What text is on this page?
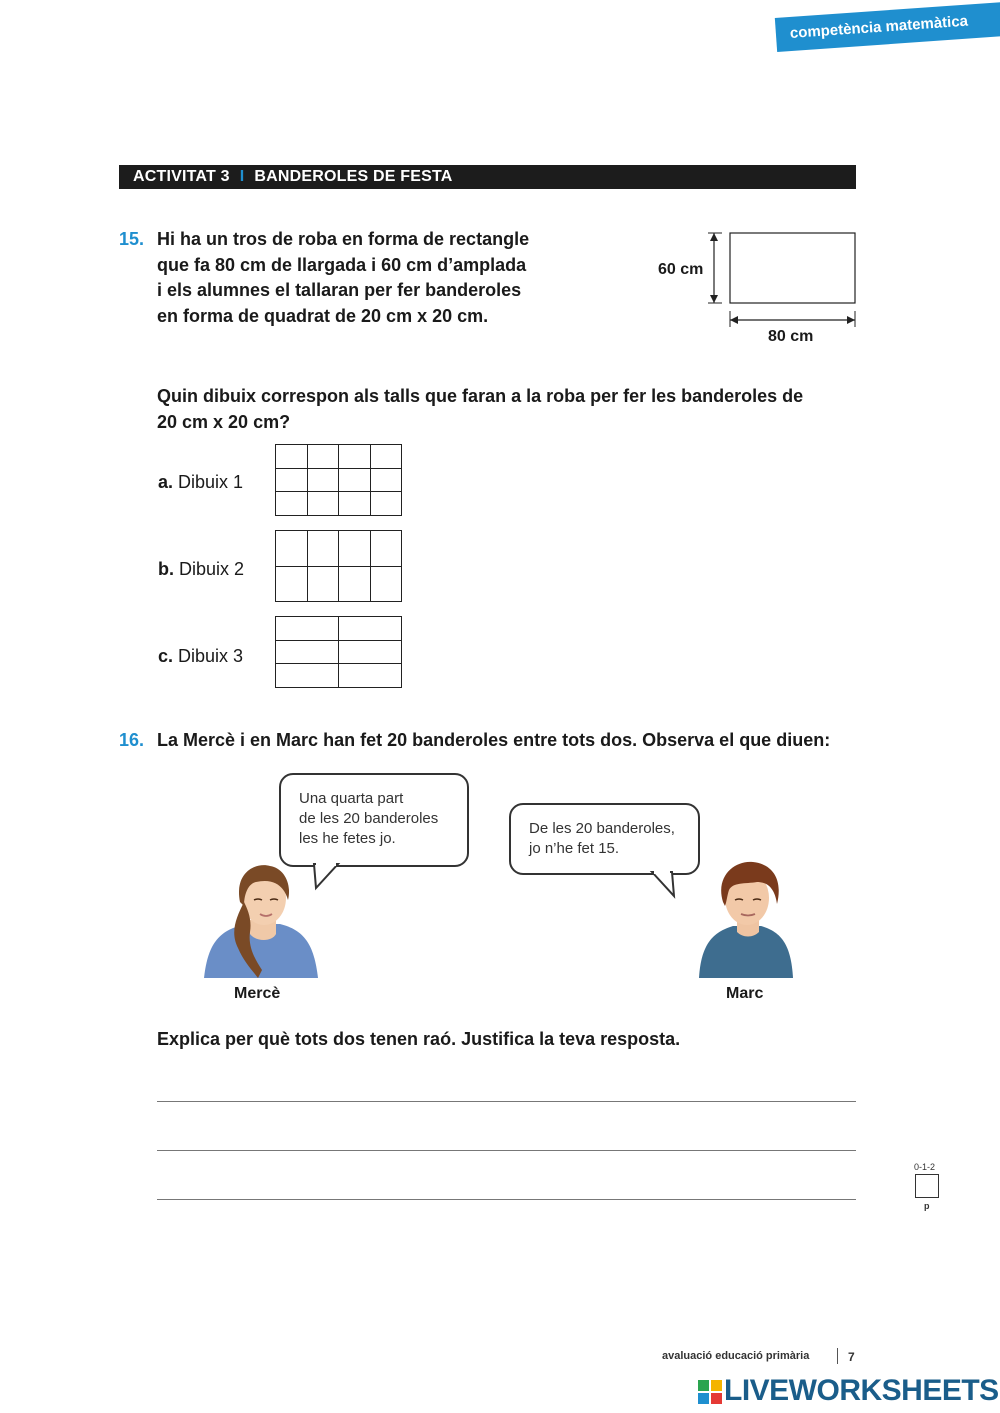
competència matemàtica
ACTIVITAT 3 I BANDEROLES DE FESTA
15. Hi ha un tros de roba en forma de rectangle
que fa 80 cm de llargada i 60 cm d’amplada
i els alumnes el tallaran per fer banderoles
en forma de quadrat de 20 cm x 20 cm.
60 cm
80 cm
Quin dibuix correspon als talls que faran a la roba per fer les banderoles de
20 cm x 20 cm?
a. Dibuix 1
b. Dibuix 2
c. Dibuix 3
16. La Mercè i en Marc han fet 20 banderoles entre tots dos. Observa el que diuen:
Una quarta part
de les 20 banderoles
les he fetes jo.
De les 20 banderoles,
jo n’he fet 15.
Mercè	Marc
Explica per què tots dos tenen raó. Justifica la teva resposta.
0-1-2
p
avaluació educació primària	7
LIVEWORKSHEETS
